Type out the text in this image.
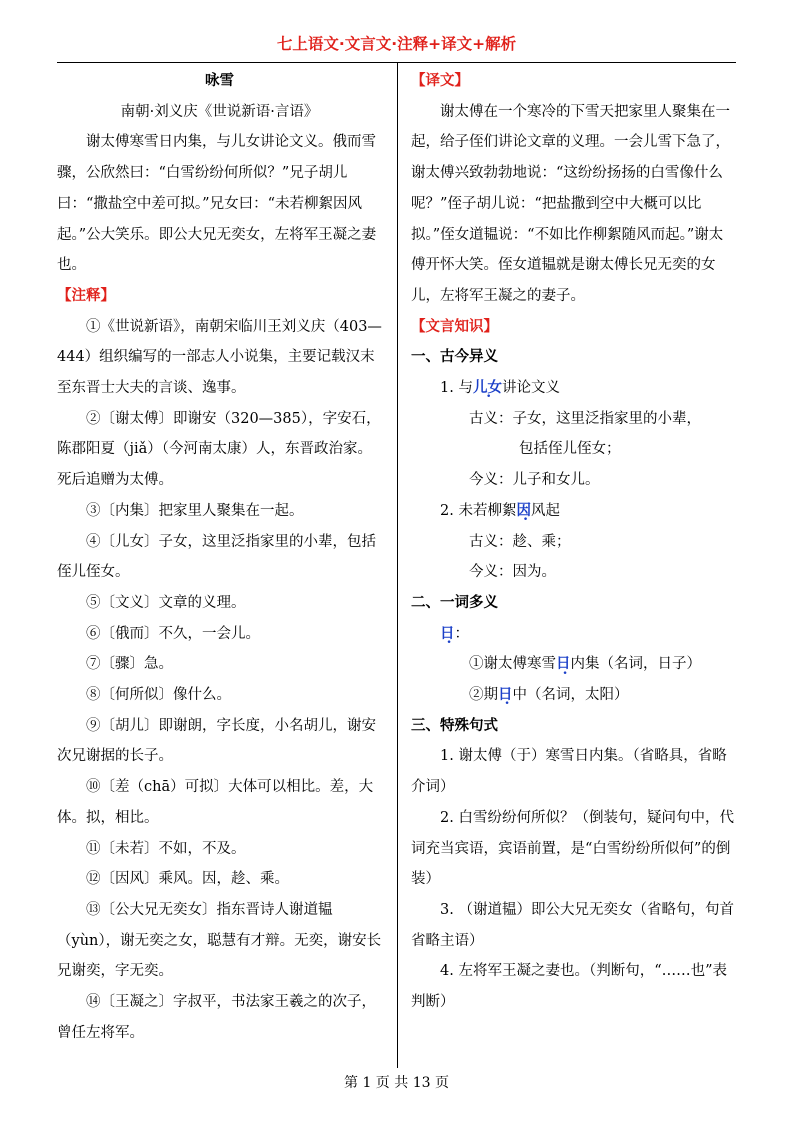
七上语文·文言文·注释+译文+解析

咏雪

南朝·刘义庆《世说新语·言语》

谢太傅寒雪日内集，与儿女讲论文义。俄而雪骤，公欣然曰：“白雪纷纷何所似？”兄子胡儿曰：“撒盐空中差可拟。”兄女曰：“未若柳絮因风起。”公大笑乐。即公大兄无奕女，左将军王凝之妻也。

【注释】

①《世说新语》，南朝宋临川王刘义庆（403—444）组织编写的一部志人小说集，主要记载汉末至东晋士大夫的言谈、逸事。

②〔谢太傅〕即谢安（320—385），字安石，陈郡阳夏（jiǎ）（今河南太康）人，东晋政治家。死后追赠为太傅。

③〔内集〕把家里人聚集在一起。

④〔儿女〕子女，这里泛指家里的小辈，包括侄儿侄女。

⑤〔文义〕文章的义理。

⑥〔俄而〕不久，一会儿。

⑦〔骤〕急。

⑧〔何所似〕像什么。

⑨〔胡儿〕即谢朗，字长度，小名胡儿，谢安次兄谢据的长子。

⑩〔差（chā）可拟〕大体可以相比。差，大体。拟，相比。

⑪〔未若〕不如，不及。

⑫〔因风〕乘风。因，趁、乘。

⑬〔公大兄无奕女〕指东晋诗人谢道韫（yùn），谢无奕之女，聪慧有才辩。无奕，谢安长兄谢奕，字无奕。

⑭〔王凝之〕字叔平，书法家王羲之的次子，曾任左将军。

【译文】

谢太傅在一个寒冷的下雪天把家里人聚集在一起，给子侄们讲论文章的义理。一会儿雪下急了，谢太傅兴致勃勃地说：“这纷纷扬扬的白雪像什么呢？”侄子胡儿说：“把盐撒到空中大概可以比拟。”侄女道韫说：“不如比作柳絮随风而起。”谢太傅开怀大笑。侄女道韫就是谢太傅长兄无奕的女儿，左将军王凝之的妻子。

【文言知识】

一、古今异义

1. 与儿女讲论文义

古义：子女，这里泛指家里的小辈，

包括侄儿侄女；

今义：儿子和女儿。

2. 未若柳絮因风起

古义：趁、乘；

今义：因为。

二、一词多义

日：

①谢太傅寒雪日内集（名词，日子）

②期日中（名词，太阳）

三、特殊句式

1. 谢太傅（于）寒雪日内集。（省略具，省略介词）

2. 白雪纷纷何所似？（倒装句，疑问句中，代词充当宾语，宾语前置，是“白雪纷纷所似何”的倒装）

3. （谢道韫）即公大兄无奕女（省略句，句首省略主语）

4. 左将军王凝之妻也。（判断句，“……也”表判断）

第 1 页 共 13 页
